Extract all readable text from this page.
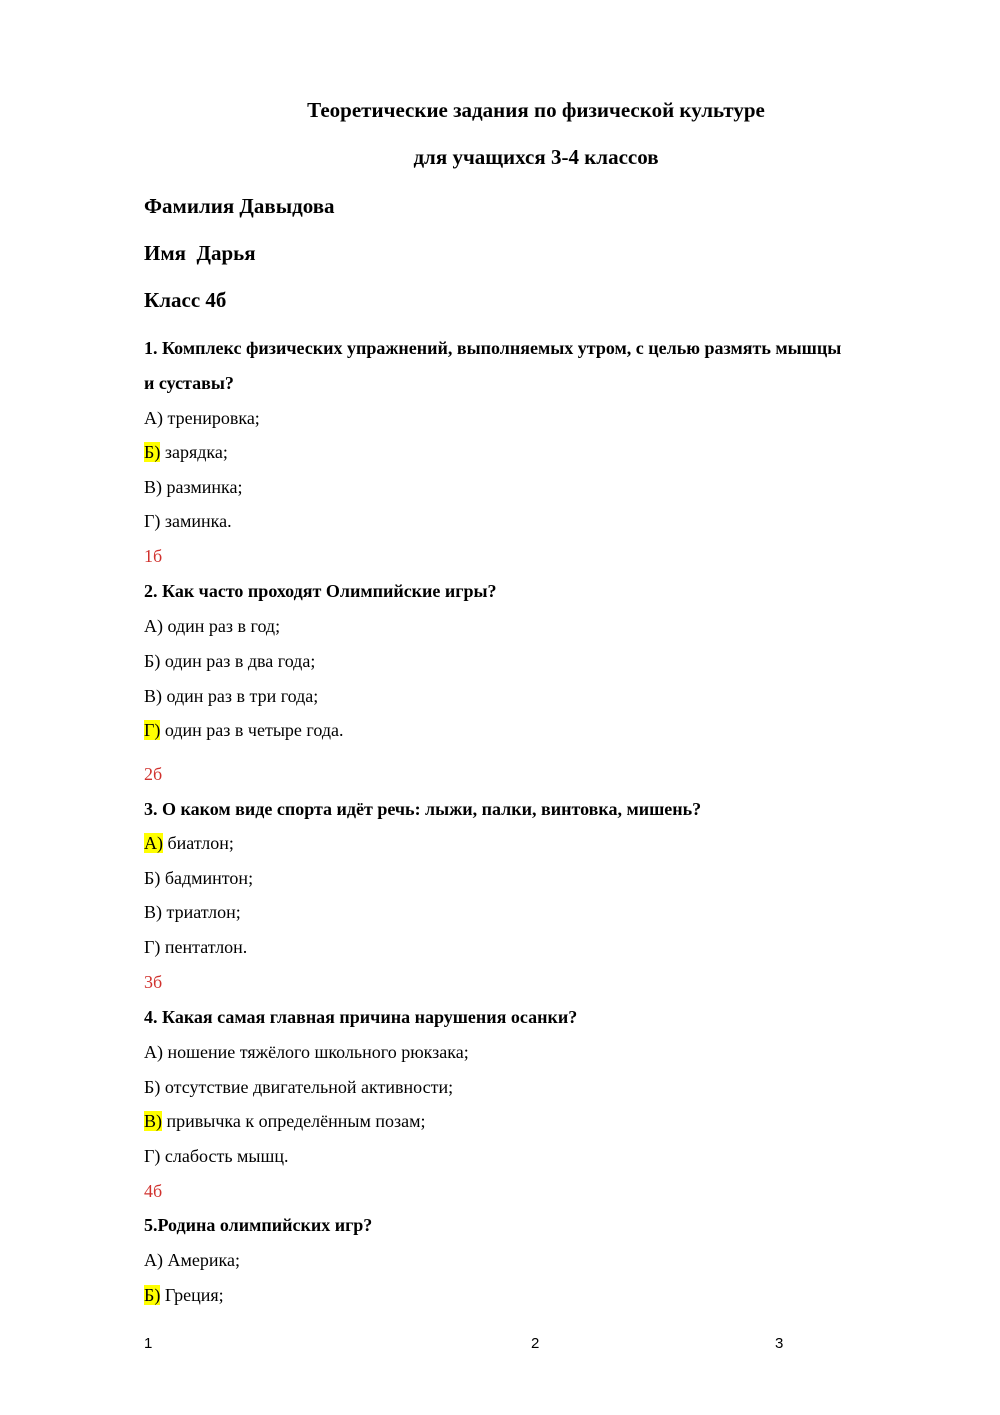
Теоретические задания по физической культуре
для учащихся 3-4 классов
Фамилия Давыдова
Имя  Дарья
Класс 4б
1. Комплекс физических упражнений, выполняемых утром, с целью размять мышцы
и суставы?
А) тренировка;
Б) зарядка;
В) разминка;
Г) заминка.
1б
2. Как часто проходят Олимпийские игры?
А) один раз в год;
Б) один раз в два года;
В) один раз в три года;
Г) один раз в четыре года.
2б
3. О каком виде спорта идёт речь: лыжи, палки, винтовка, мишень?
А) биатлон;
Б) бадминтон;
В) триатлон;
Г) пентатлон.
3б
4. Какая самая главная причина нарушения осанки?
А) ношение тяжёлого школьного рюкзака;
Б) отсутствие двигательной активности;
В) привычка к определённым позам;
Г) слабость мышц.
4б
5.Родина олимпийских игр?
А) Америка;
Б) Греция;
1	2	3
